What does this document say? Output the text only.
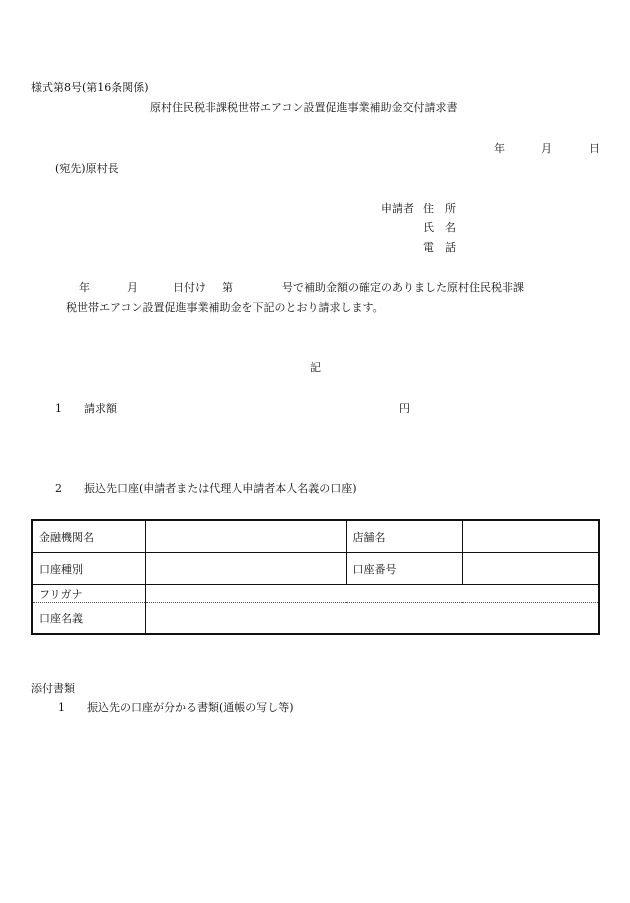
様式第8号(第16条関係)
原村住民税非課税世帯エアコン設置促進事業補助金交付請求書
年	月	日
(宛先)原村長
申請者 住　所
氏　名
電　話
年	月	日付け 第	号で補助金額の確定のありました原村住民税非課
税世帯エアコン設置促進事業補助金を下記のとおり請求します。
記
1 請求額	円
2 振込先口座(申請者または代理人申請者本人名義の口座)
金融機関名		店舗名	
口座種別		口座番号	
フリガナ			
口座名義			
添付書類
1 振込先の口座が分かる書類(通帳の写し等)
